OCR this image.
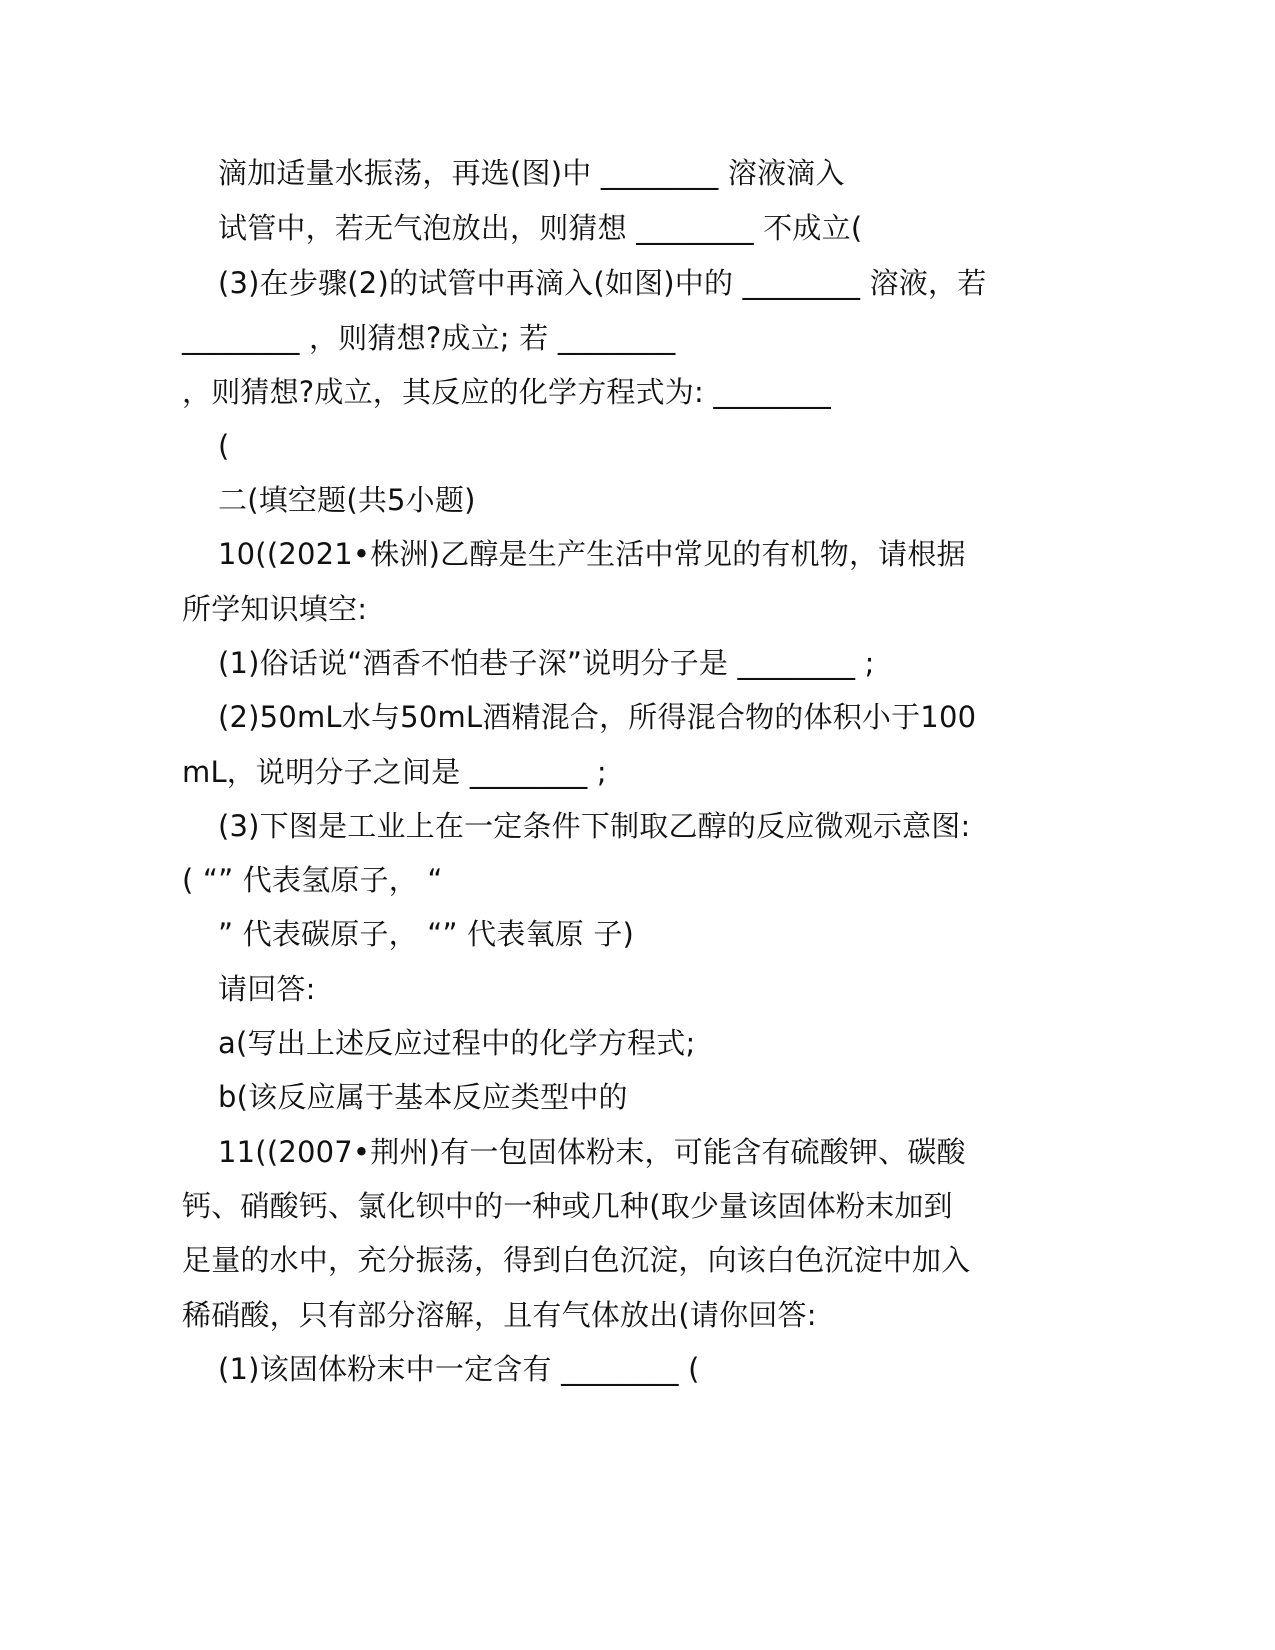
滴加适量水振荡，再选(图)中 ________ 溶液滴入
试管中，若无气泡放出，则猜想 ________ 不成立(
(3)在步骤(2)的试管中再滴入(如图)中的 ________ 溶液，若
________ ，则猜想?成立; 若 ________
，则猜想?成立，其反应的化学方程式为: ________
(
二(填空题(共5小题)
10((2021•株洲)乙醇是生产生活中常见的有机物，请根据
所学知识填空:
(1)俗话说“酒香不怕巷子深”说明分子是 ________ ;
(2)50mL水与50mL酒精混合，所得混合物的体积小于100
mL，说明分子之间是 ________ ;
(3)下图是工业上在一定条件下制取乙醇的反应微观示意图:
( “” 代表氢原子， “
” 代表碳原子， “” 代表氧原 子)
请回答:
a(写出上述反应过程中的化学方程式;
b(该反应属于基本反应类型中的
11((2007•荆州)有一包固体粉末，可能含有硫酸钾、碳酸
钙、硝酸钙、氯化钡中的一种或几种(取少量该固体粉末加到
足量的水中，充分振荡，得到白色沉淀，向该白色沉淀中加入
稀硝酸，只有部分溶解，且有气体放出(请你回答:
(1)该固体粉末中一定含有 ________ (
